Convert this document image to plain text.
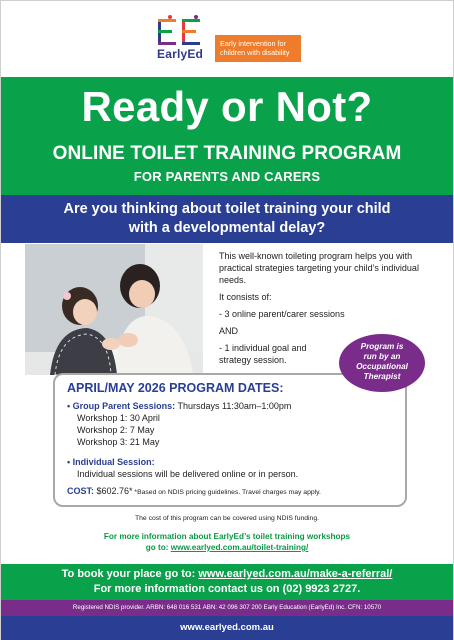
EarlyEd
Early intervention for children with disability
Ready or Not?
ONLINE TOILET TRAINING PROGRAM
FOR PARENTS AND CARERS
Are you thinking about toilet training your child
with a developmental delay?

This well-known toileting program helps you with practical strategies targeting your child’s individual needs.

It consists of:

- 3 online parent/carer sessions

AND

- 1 individual goal and strategy session.

APRIL/MAY 2026 PROGRAM DATES:
• Group Parent Sessions: Thursdays 11:30am–1:00pm
Workshop 1: 30 April
Workshop 2: 7 May
Workshop 3: 21 May
• Individual Session:
Individual sessions will be delivered online or in person.
COST: $602.76* *Based on NDIS pricing guidelines. Travel charges may apply.
Program is
run by an
Occupational
Therapist
The cost of this program can be covered using NDIS funding.
For more information about EarlyEd’s toilet training workshops
go to: www.earlyed.com.au/toilet-training/
To book your place go to: www.earlyed.com.au/make-a-referral/
For more information contact us on (02) 9923 2727.
Registered NDIS provider. ARBN: 648 016 531 ABN: 42 096 307 200 Early Education (EarlyEd) Inc. CFN: 10570
www.earlyed.com.au
